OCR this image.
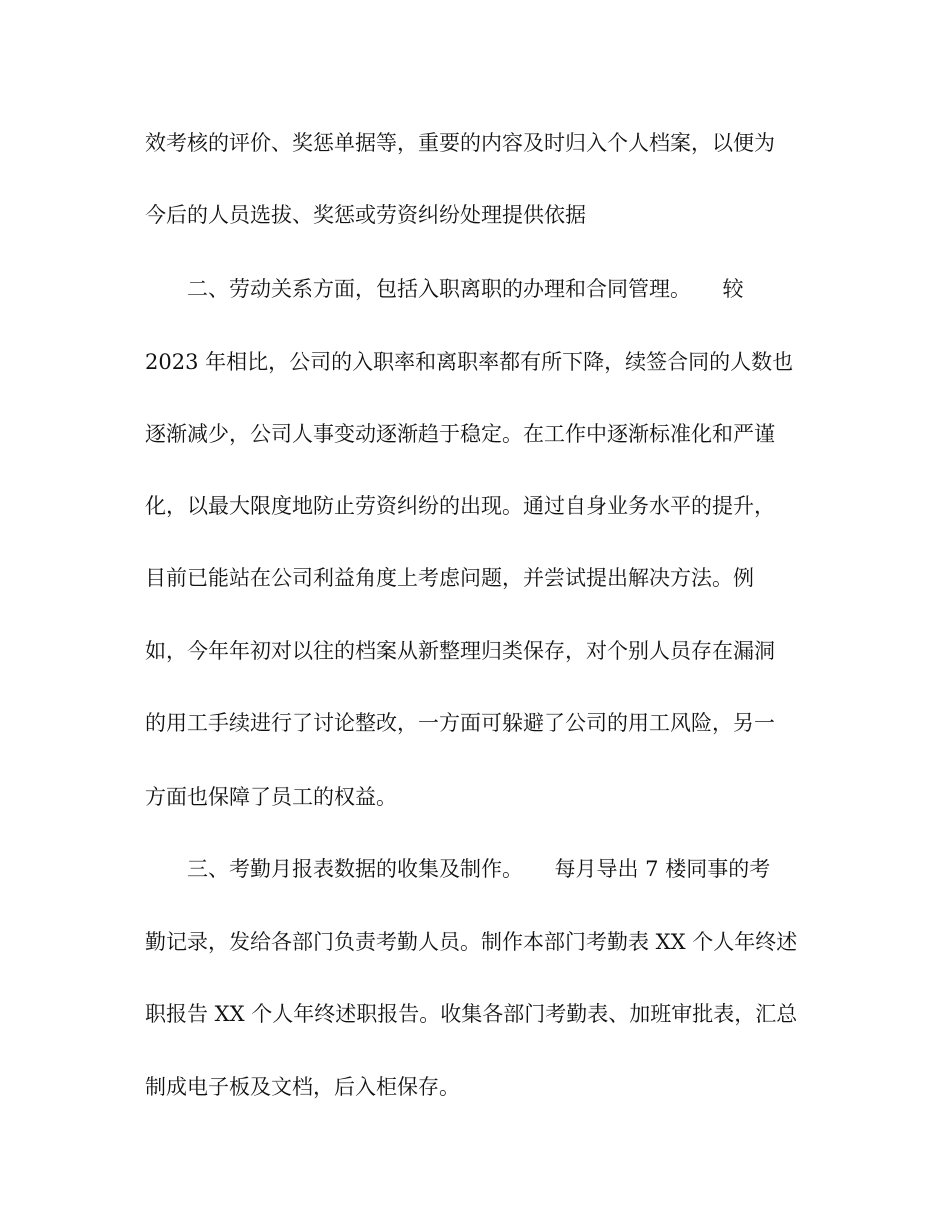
效考核的评价、奖惩单据等，重要的内容及时归入个人档案，以便为
今后的人员选拔、奖惩或劳资纠纷处理提供依据
二、劳动关系方面，包括入职离职的办理和合同管理。　　较
2023 年相比，公司的入职率和离职率都有所下降，续签合同的人数也
逐渐减少，公司人事变动逐渐趋于稳定。在工作中逐渐标准化和严谨
化，以最大限度地防止劳资纠纷的出现。通过自身业务水平的提升，
目前已能站在公司利益角度上考虑问题，并尝试提出解决方法。例
如，今年年初对以往的档案从新整理归类保存，对个别人员存在漏洞
的用工手续进行了讨论整改，一方面可躲避了公司的用工风险，另一
方面也保障了员工的权益。
三、考勤月报表数据的收集及制作。　　每月导出 7 楼同事的考
勤记录，发给各部门负责考勤人员。制作本部门考勤表 XX 个人年终述
职报告 XX 个人年终述职报告。收集各部门考勤表、加班审批表，汇总
制成电子板及文档，后入柜保存。
